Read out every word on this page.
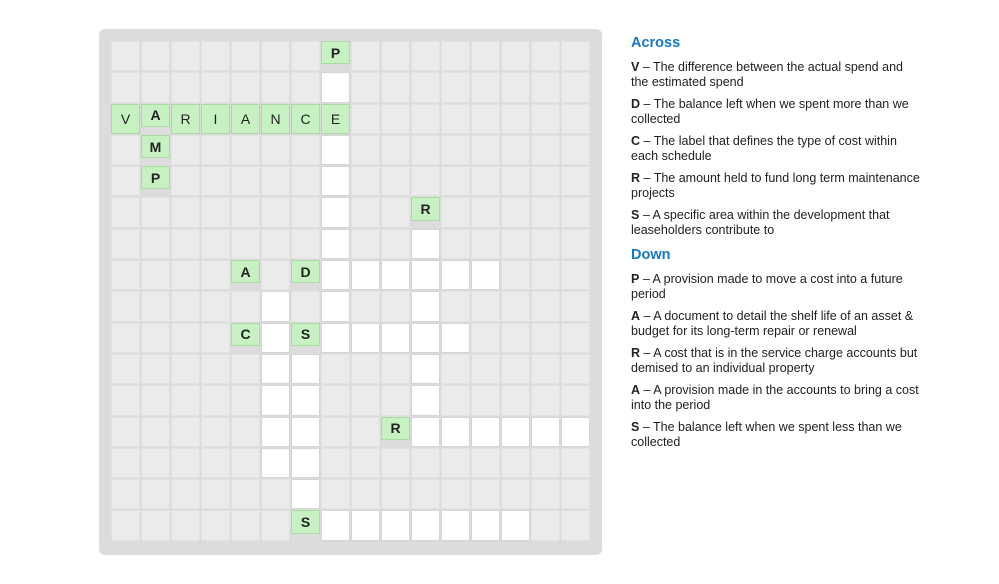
P
V	A	R	I	A	N	C	E
M
P
R
A	D
C	S
R
S
Across
V – The difference between the actual spend and the estimated spend
D – The balance left when we spent more than we collected
C – The label that defines the type of cost within each schedule
R – The amount held to fund long term maintenance projects
S – A specific area within the development that leaseholders contribute to
Down
P – A provision made to move a cost into a future period
A – A document to detail the shelf life of an asset & budget for its long-term repair or renewal
R – A cost that is in the service charge accounts but demised to an individual property
A – A provision made in the accounts to bring a cost into the period
S – The balance left when we spent less than we collected
